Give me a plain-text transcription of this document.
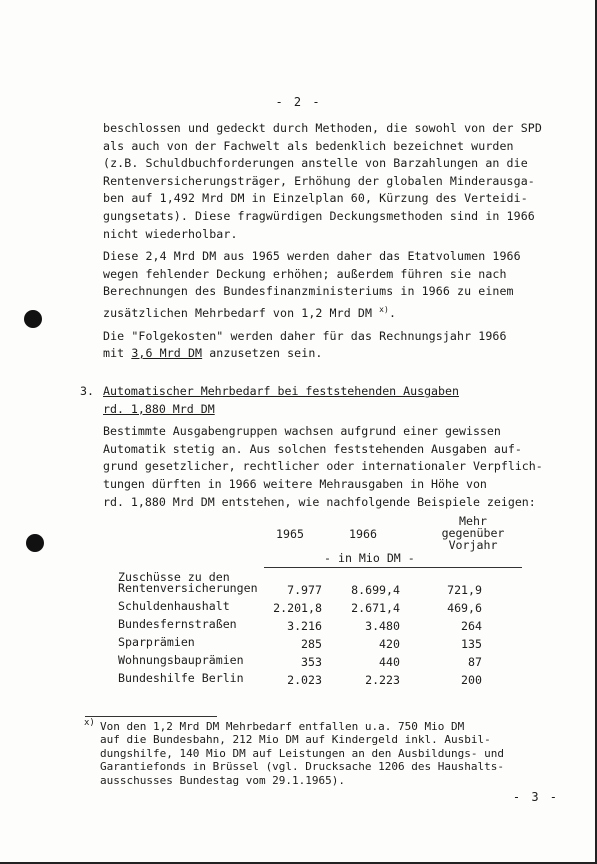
- 2 -

beschlossen und gedeckt durch Methoden, die sowohl von der SPD
als auch von der Fachwelt als bedenklich bezeichnet wurden
(z.B. Schuldbuchforderungen anstelle von Barzahlungen an die
Rentenversicherungsträger, Erhöhung der globalen Minderausga-
ben auf 1,492 Mrd DM in Einzelplan 60, Kürzung des Verteidi-
gungsetats). Diese fragwürdigen Deckungsmethoden sind in 1966
nicht wiederholbar.

Diese 2,4 Mrd DM aus 1965 werden daher das Etatvolumen 1966
wegen fehlender Deckung erhöhen; außerdem führen sie nach
Berechnungen des Bundesfinanzministeriums in 1966 zu einem
zusätzlichen Mehrbedarf von 1,2 Mrd DM $^{x)}$.

Die "Folgekosten" werden daher für das Rechnungsjahr 1966
mit 3,6 Mrd DM anzusetzen sein.

3. Automatischer Mehrbedarf bei feststehenden Ausgaben
rd. 1,880 Mrd DM
Bestimmte Ausgabengruppen wachsen aufgrund einer gewissen
Automatik stetig an. Aus solchen feststehenden Ausgaben auf-
grund gesetzlicher, rechtlicher oder internationaler Verpflich-
tungen dürften in 1966 weitere Mehrausgaben in Höhe von
rd. 1,880 Mrd DM entstehen, wie nachfolgende Beispiele zeigen:
1965	1966
Mehr
gegenüber
Vorjahr
- in Mio DM -
Zuschüsse zu den
Rentenversicherungen	7.977	8.699,4	721,9
Schuldenhaushalt	2.201,8	2.671,4	469,6
Bundesfernstraßen	3.216	3.480	264
Sparprämien	285	420	135
Wohnungsbauprämien	353	440	87
Bundeshilfe Berlin	2.023	2.223	200
x) Von den 1,2 Mrd DM Mehrbedarf entfallen u.a. 750 Mio DM
auf die Bundesbahn, 212 Mio DM auf Kindergeld inkl. Ausbil-
dungshilfe, 140 Mio DM auf Leistungen an den Ausbildungs- und
Garantiefonds in Brüssel (vgl. Drucksache 1206 des Haushalts-
ausschusses Bundestag vom 29.1.1965).
- 3 -
